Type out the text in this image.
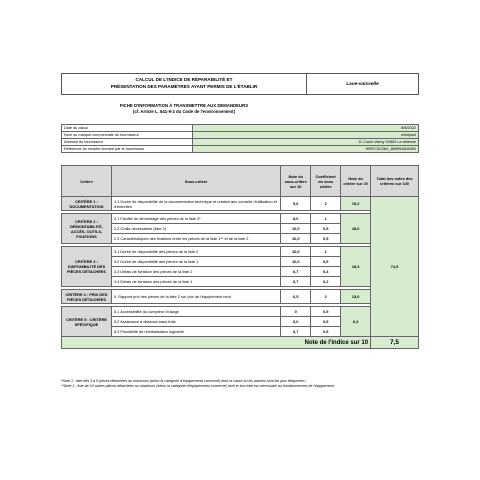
CALCUL DE L'INDICE DE RÉPARABILITÉ ET
PRÉSENTATION DES PARAMÈTRES AYANT PERMIS DE L'ÉTABLIR	Lave-vaisselle
FICHE D'INFORMATION À TRANSMETTRE AUX DEMANDEURS
(cf. Article L. 541-9-2 du Code de l'environnement)
Date du calcul	8/8/2022
Nom ou marque commerciale du fournisseur	whirlpool
Adresse du fournisseur	11 Cours Valmy 92800 La defense
Référence du modèle donnée par le fournisseur	WRFC3C26X_869991605950
Critère	Sous-critère	Note du sous-critère sur 10	Coefficient du sous critère	Note du critère sur 20	Total des notes des critères sur 100
CRITÈRE 1 : DOCUMENTATION	1.1 Durée de disponibilité de la documentation technique et relative aux conseils d'utilisation et d'entretien	9,6	2	19,2	74,9

CRITÈRE 2 : DÉMONTABILITÉ, ACCÈS, OUTILS, FIXATIONS	2.1 Facilité de démontage des pièces de la liste 2*	8,0	1	18,0	
	2.2 Outils nécessaires (liste 2)	10,0	0,5		
	2.3 Caractéristiques des fixations entre les pièces de la liste 1** et de la liste 2	10,0	0,5		

CRITÈRE 3 : DISPONIBILITÉ DES PIÈCES DÉTACHÉES	3.1 Durée de disponibilité des pièces de la liste 2	10,0	1	18,3	
	3.2 Durée de disponibilité des pièces de la liste 1	10,0	0,5		
	3.3 Délais de livraison des pièces de la liste 2	6,7	0,3		
	3.4 Délais de livraison des pièces de la liste 1	6,7	0,2		

CRITÈRE 4 : PRIX DES PIÈCES DÉTACHÉES	4. Rapport prix des pièces de la liste 2 sur prix de l'équipement neuf	6,5	2	13,0	

CRITÈRE 5 : CRITÈRE SPÉCIFIQUE	5.1 Accessibilité du compteur d'usage	0	0,5	6,3	
	5.2 Assistance à distance sans frais	6,0	0,5		
	5.3 Possibilité de réinitialisation logicielle	6,7	0,5		
Note de l'indice sur 10					7,5
*Note 1 : liste des 3 à 5 pièces détachées au maximum (selon la catégorie d'équipements concerné) dont la casse ou les pannes sont les plus fréquentes ;
**Note 1 : liste de 10 autres pièces détachées au maximum (selon la catégorie d'équipements concerné) dont le bon état est nécessaire au fonctionnement de l'équipement.
